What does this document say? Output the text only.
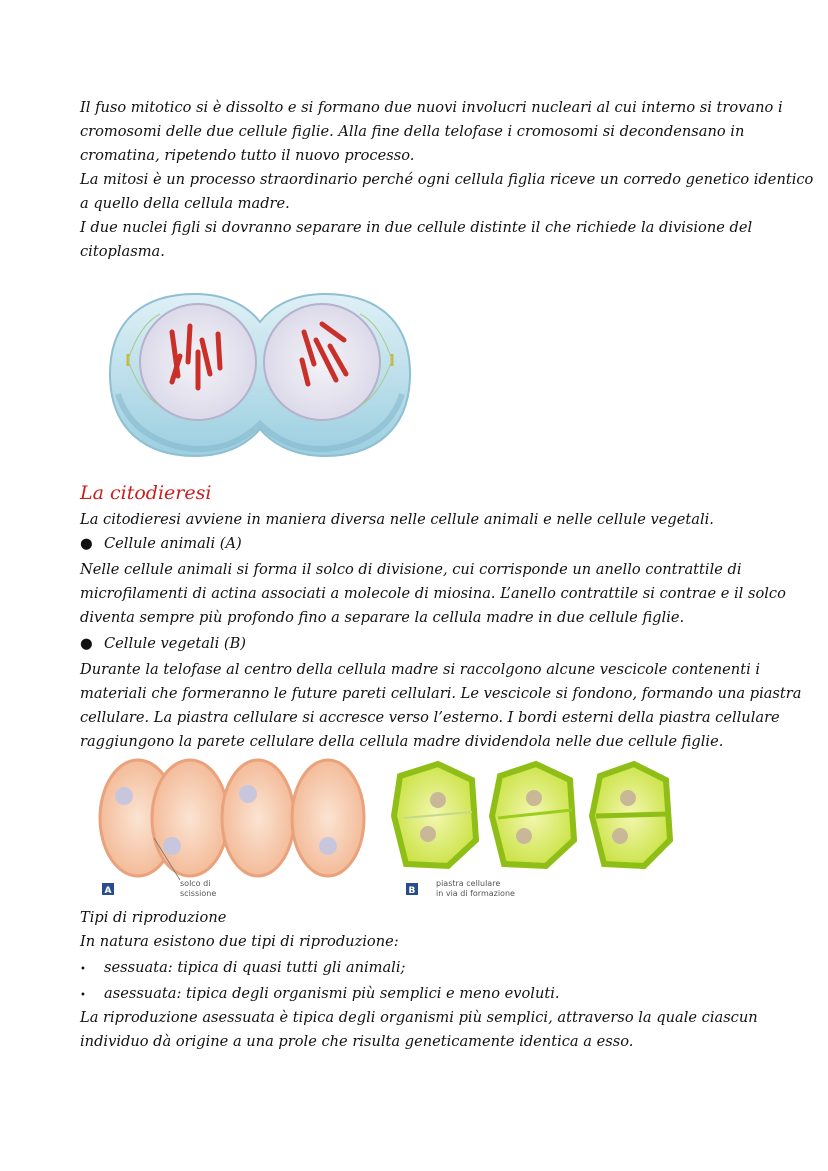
Il fuso mitotico si è dissolto e si formano due nuovi involucri nucleari al cui interno si trovano i
cromosomi delle due cellule figlie. Alla fine della telofase i cromosomi si decondensano in
cromatina, ripetendo tutto il nuovo processo.
La mitosi è un processo straordinario perché ogni cellula figlia riceve un corredo genetico identico
a quello della cellula madre.
I due nuclei figli si dovranno separare in due cellule distinte il che richiede la divisione del
citoplasma.
La citodieresi
La citodieresi avviene in maniera diversa nelle cellule animali e nelle cellule vegetali.
● Cellule animali (A)
Nelle cellule animali si forma il solco di divisione, cui corrisponde un anello contrattile di
microfilamenti di actina associati a molecole di miosina. L’anello contrattile si contrae e il solco
diventa sempre più profondo fino a separare la cellula madre in due cellule figlie.
● Cellule vegetali (B)
Durante la telofase al centro della cellula madre si raccolgono alcune vescicole contenenti i
materiali che formeranno le future pareti cellulari. Le vescicole si fondono, formando una piastra
cellulare. La piastra cellulare si accresce verso l’esterno. I bordi esterni della piastra cellulare
raggiungono la parete cellulare della cellula madre dividendola nelle due cellule figlie.
A
solco di
scissione	B
piastra cellulare
in via di formazione
Tipi di riproduzione
In natura esistono due tipi di riproduzione:
• sessuata: tipica di quasi tutti gli animali;
• asessuata: tipica degli organismi più semplici e meno evoluti.
La riproduzione asessuata è tipica degli organismi più semplici, attraverso la quale ciascun
individuo dà origine a una prole che risulta geneticamente identica a esso.
